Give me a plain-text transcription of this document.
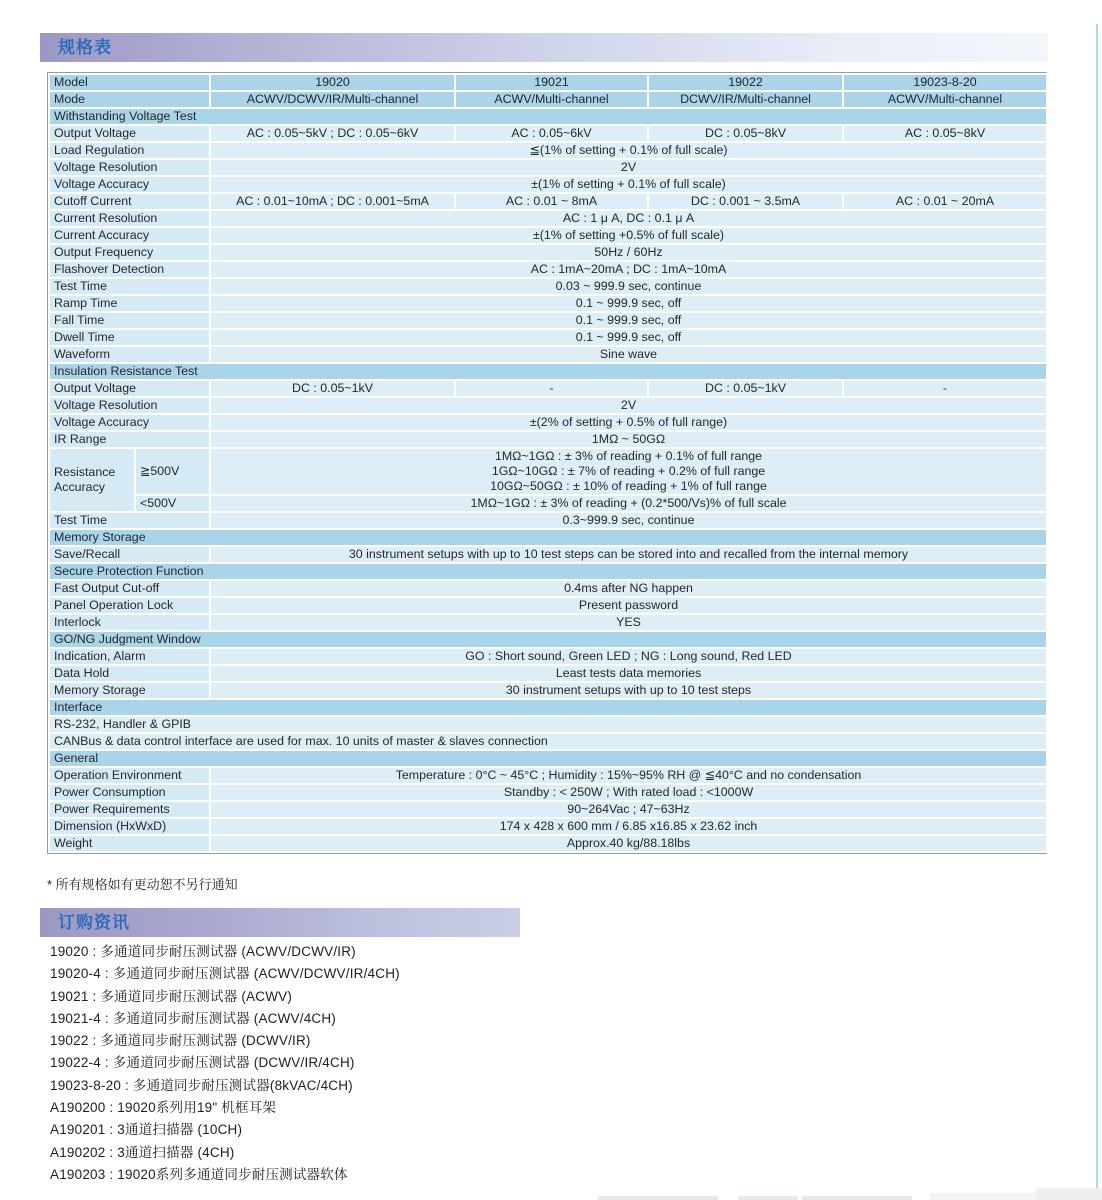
规格表
Model		19020	19021	19022	19023-8-20
Mode		ACWV/DCWV/IR/Multi-channel	ACWV/Multi-channel	DCWV/IR/Multi-channel	ACWV/Multi-channel
Withstanding Voltage Test					
Output Voltage		AC : 0.05~5kV ; DC : 0.05~6kV	AC : 0.05~6kV	DC : 0.05~8kV	AC : 0.05~8kV
Load Regulation		≦(1% of setting + 0.1% of full scale)			
Voltage Resolution		2V			
Voltage Accuracy		±(1% of setting + 0.1% of full scale)			
Cutoff Current		AC : 0.01~10mA ; DC : 0.001~5mA	AC : 0.01 ~ 8mA	DC : 0.001 ~ 3.5mA	AC : 0.01 ~ 20mA
Current Resolution		AC : 1 μ A, DC : 0.1 μ A			
Current Accuracy		±(1% of setting +0.5% of full scale)			
Output Frequency		50Hz / 60Hz			
Flashover Detection		AC : 1mA~20mA ; DC : 1mA~10mA			
Test Time		0.03 ~ 999.9 sec, continue			
Ramp Time		0.1 ~ 999.9 sec, off			
Fall Time		0.1 ~ 999.9 sec, off			
Dwell Time		0.1 ~ 999.9 sec, off			
Waveform		Sine wave			
Insulation Resistance Test					
Output Voltage		DC : 0.05~1kV	-	DC : 0.05~1kV	-
Voltage Resolution		2V			
Voltage Accuracy		±(2% of setting + 0.5% of full range)			
IR Range		1MΩ ~ 50GΩ			
Resistance Accuracy	≧500V	1MΩ~1GΩ : ± 3% of reading + 0.1% of full range
1GΩ~10GΩ : ± 7% of reading + 0.2% of full range
10GΩ~50GΩ : ± 10% of reading + 1% of full range			

	<500V	1MΩ~1GΩ : ± 3% of reading + (0.2*500/Vs)% of full scale			

Test Time		0.3~999.9 sec, continue			
Memory Storage					
Save/Recall		30 instrument setups with up to 10 test steps can be stored into and recalled from the internal memory			
Secure Protection Function					
Fast Output Cut-off		0.4ms after NG happen			
Panel Operation Lock		Present password			
Interlock		YES			
GO/NG Judgment Window					
Indication, Alarm		GO : Short sound, Green LED ; NG : Long sound, Red LED			
Data Hold		Least tests data memories			
Memory Storage		30 instrument setups with up to 10 test steps			
Interface					
RS-232, Handler & GPIB					
CANBus & data control interface are used for max. 10 units of master & slaves connection					
General					
Operation Environment		Temperature : 0°C ~ 45°C ; Humidity : 15%~95% RH @ ≦40°C and no condensation			
Power Consumption		Standby : < 250W ; With rated load : <1000W			
Power Requirements		90~264Vac ; 47~63Hz			
Dimension (HxWxD)		174 x 428 x 600 mm / 6.85 x16.85 x 23.62 inch			
Weight		Approx.40 kg/88.18lbs			
* 所有规格如有更动恕不另行通知
订购资讯
19020 : 多通道同步耐压测试器 (ACWV/DCWV/IR)
19020-4 : 多通道同步耐压测试器 (ACWV/DCWV/IR/4CH)
19021 : 多通道同步耐压测试器 (ACWV)
19021-4 : 多通道同步耐压测试器 (ACWV/4CH)
19022 : 多通道同步耐压测试器 (DCWV/IR)
19022-4 : 多通道同步耐压测试器 (DCWV/IR/4CH)
19023-8-20 : 多通道同步耐压测试器(8kVAC/4CH)
A190200 : 19020系列用19" 机框耳架
A190201 : 3通道扫描器 (10CH)
A190202 : 3通道扫描器 (4CH)
A190203 : 19020系列多通道同步耐压测试器软体
